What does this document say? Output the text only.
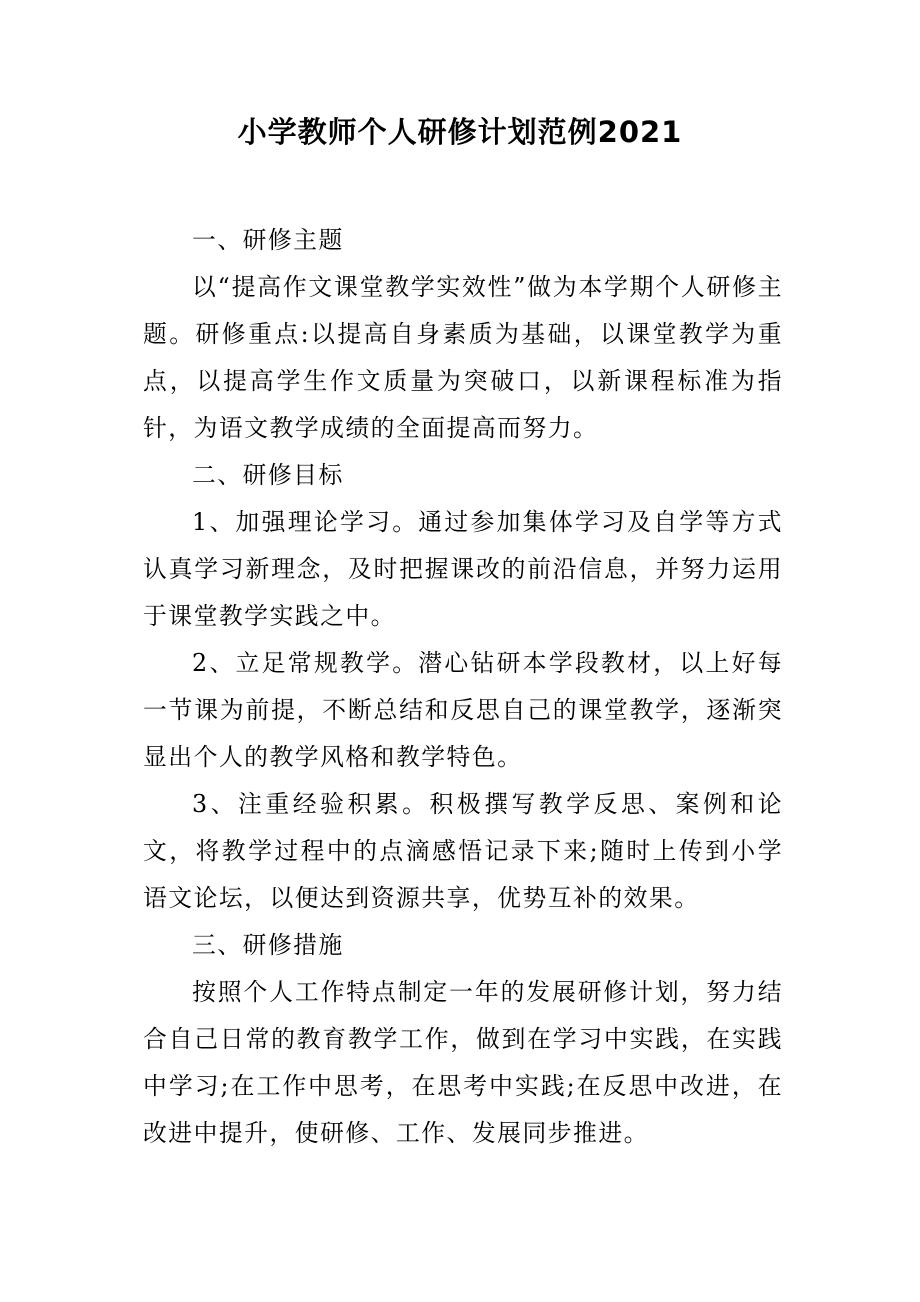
小学教师个人研修计划范例2021

一、研修主题

以“提高作文课堂教学实效性”做为本学期个人研修主题。研修重点:以提高自身素质为基础，以课堂教学为重点，以提高学生作文质量为突破口，以新课程标准为指针，为语文教学成绩的全面提高而努力。

二、研修目标

1、加强理论学习。通过参加集体学习及自学等方式认真学习新理念，及时把握课改的前沿信息，并努力运用于课堂教学实践之中。

2、立足常规教学。潜心钻研本学段教材，以上好每一节课为前提，不断总结和反思自己的课堂教学，逐渐突显出个人的教学风格和教学特色。

3、注重经验积累。积极撰写教学反思、案例和论文，将教学过程中的点滴感悟记录下来;随时上传到小学语文论坛，以便达到资源共享，优势互补的效果。

三、研修措施

按照个人工作特点制定一年的发展研修计划，努力结合自己日常的教育教学工作，做到在学习中实践，在实践中学习;在工作中思考，在思考中实践;在反思中改进，在改进中提升，使研修、工作、发展同步推进。
